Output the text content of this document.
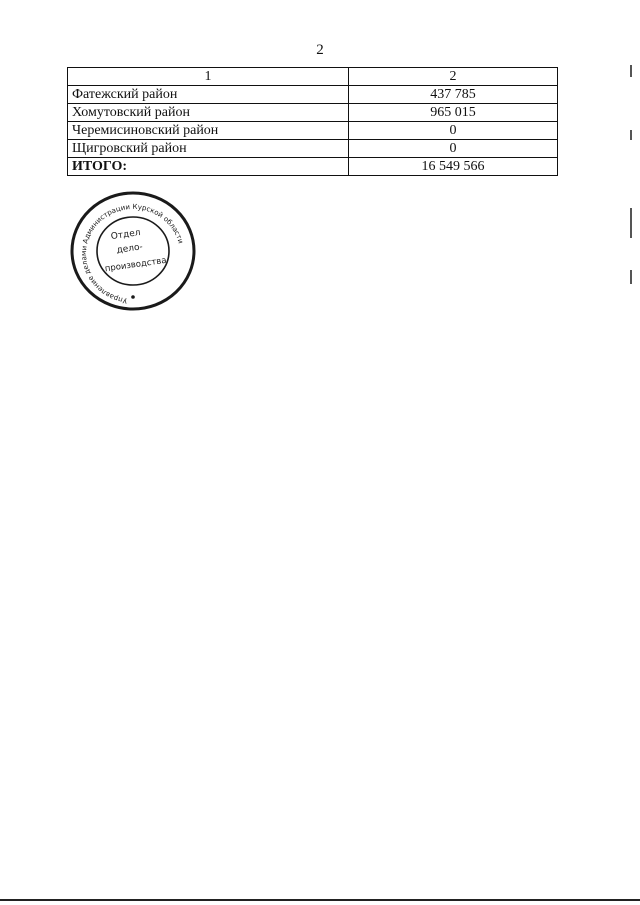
2
1	2
Фатежский район	437 785
Хомутовский район	965 015
Черемисиновский район	0
Щигровский район	0
ИТОГО:	16 549 566
Управление делами Администрации Курской области
Отдел
дело-
производства
